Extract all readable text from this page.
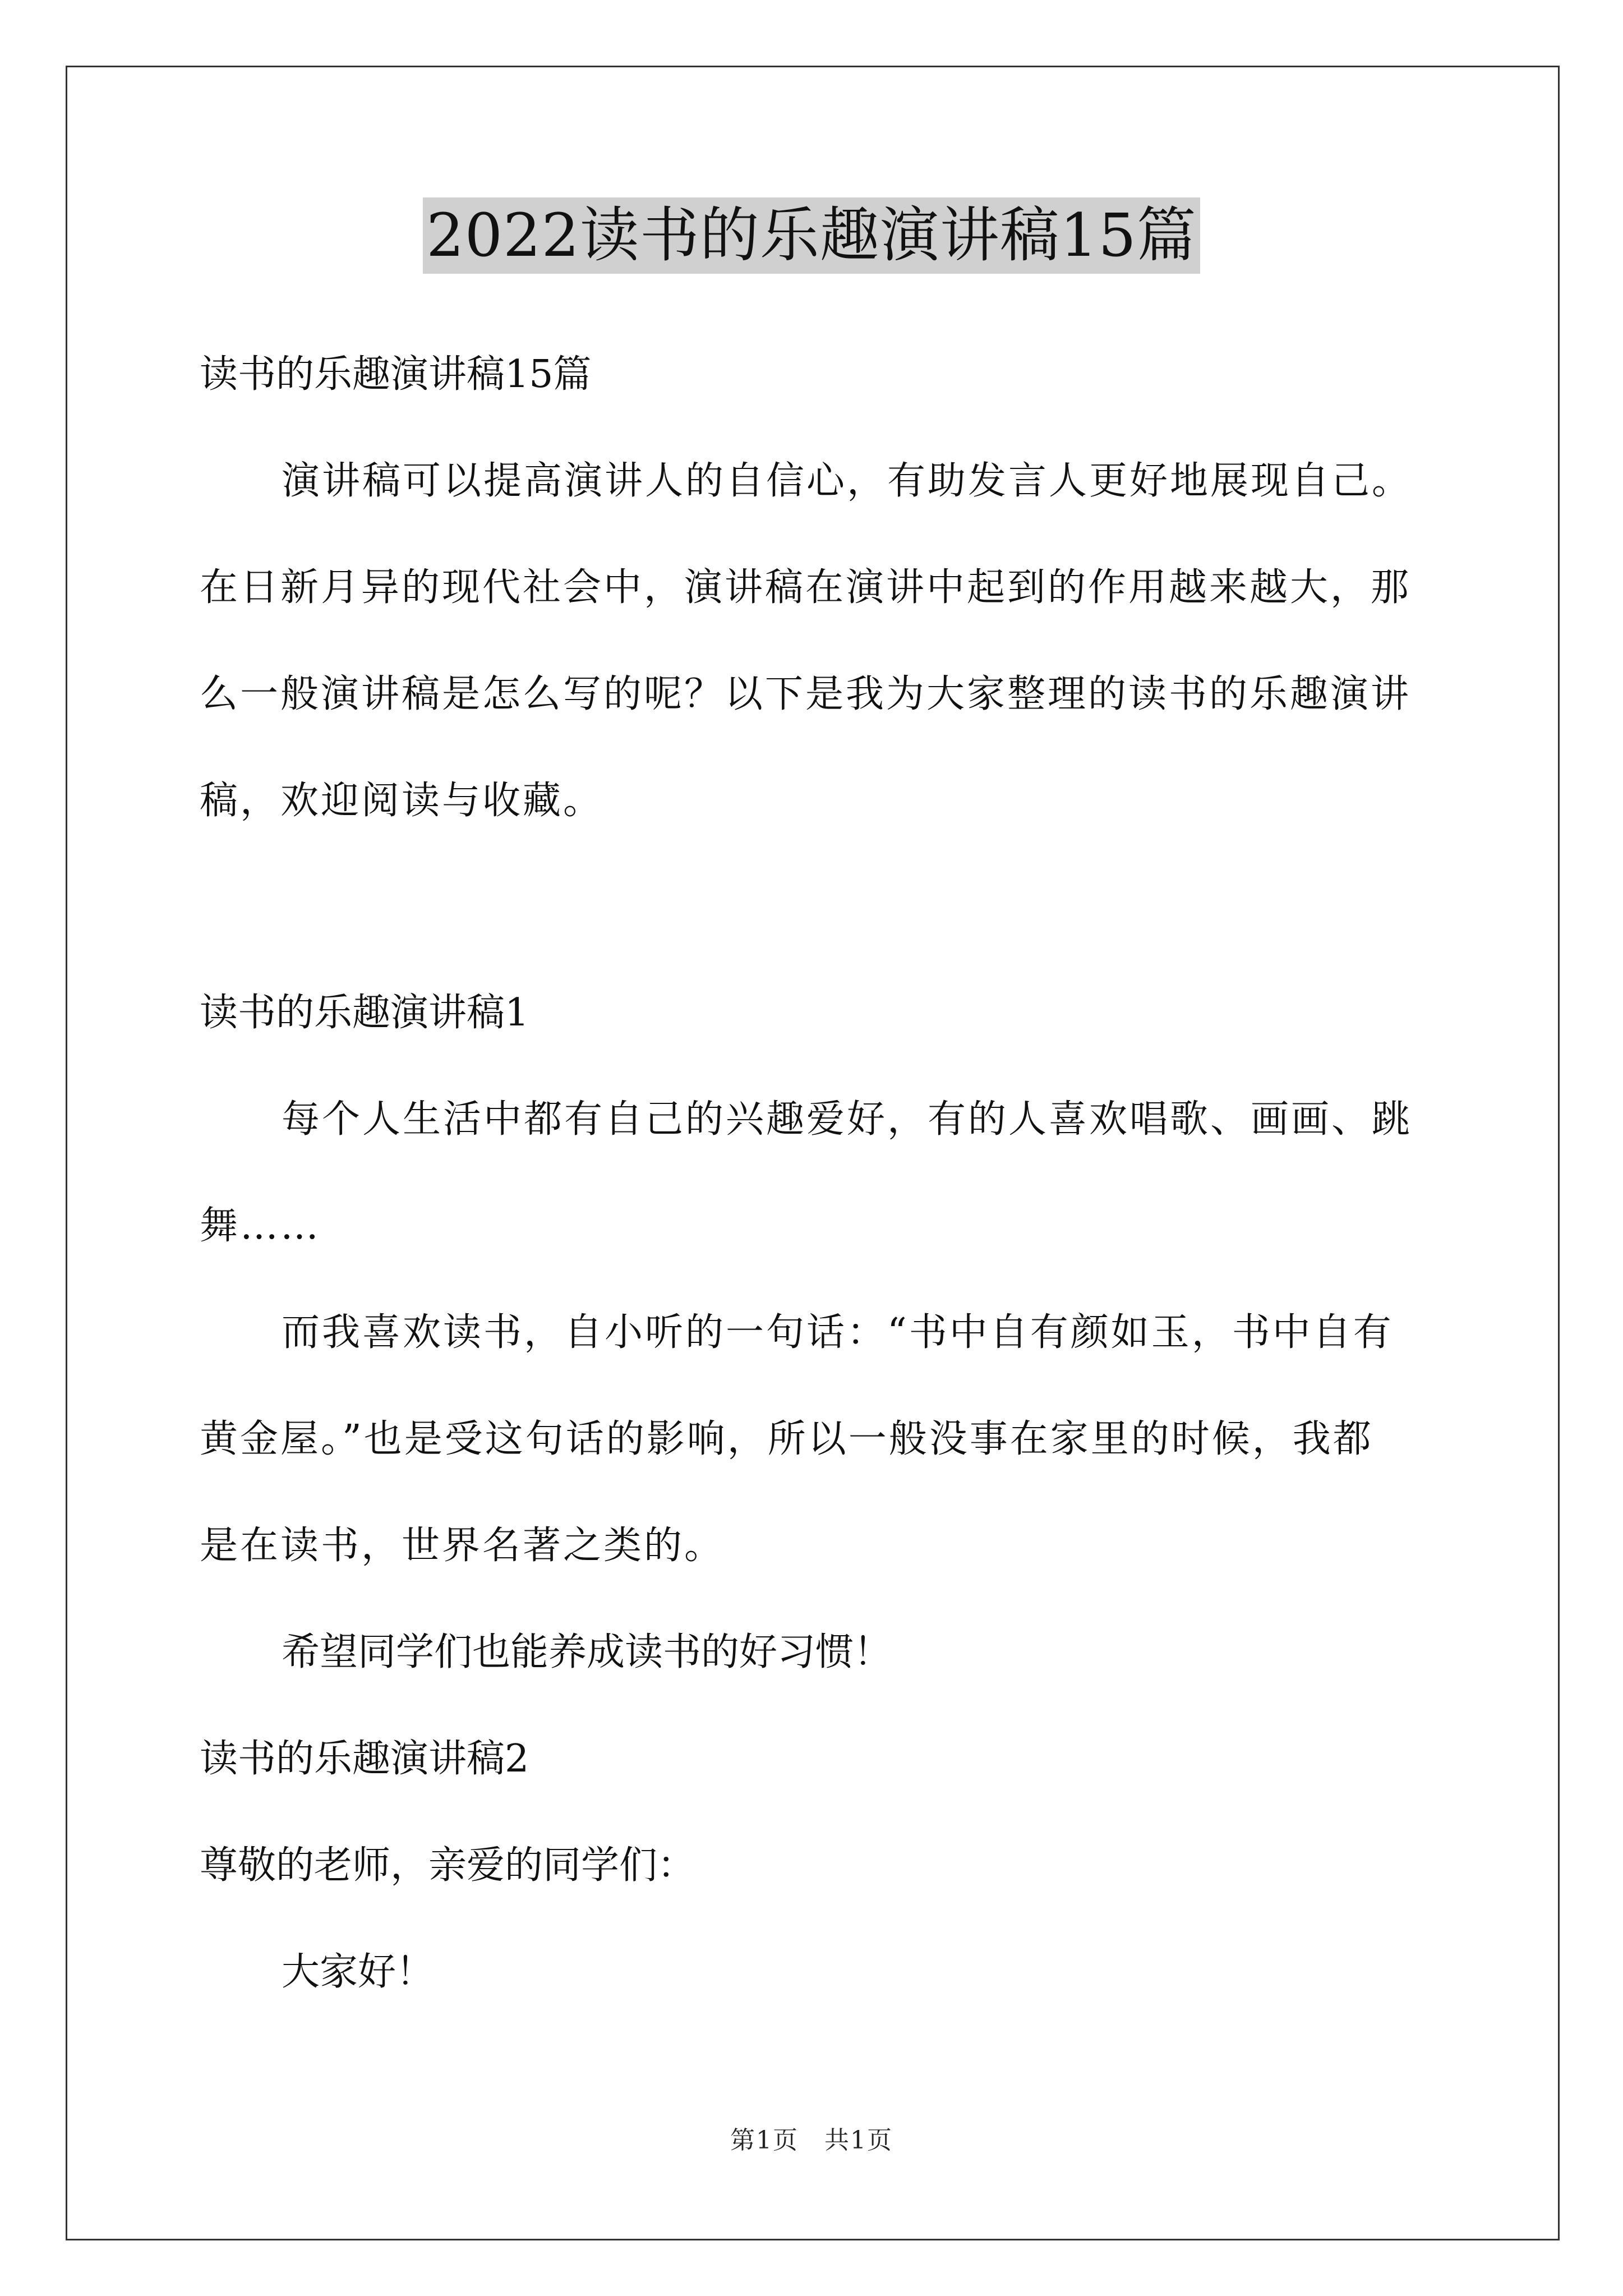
2022读书的乐趣演讲稿15篇

读书的乐趣演讲稿15篇

演讲稿可以提高演讲人的自信心，有助发言人更好地展现自己。
在日新月异的现代社会中，演讲稿在演讲中起到的作用越来越大，那
么一般演讲稿是怎么写的呢？以下是我为大家整理的读书的乐趣演讲
稿，欢迎阅读与收藏。

读书的乐趣演讲稿1

每个人生活中都有自己的兴趣爱好，有的人喜欢唱歌、画画、跳
舞……
而我喜欢读书，自小听的一句话：“书中自有颜如玉，书中自有
黄金屋。”也是受这句话的影响，所以一般没事在家里的时候，我都
是在读书，世界名著之类的。

希望同学们也能养成读书的好习惯！

读书的乐趣演讲稿2

尊敬的老师，亲爱的同学们：

大家好！

第1页　共1页
